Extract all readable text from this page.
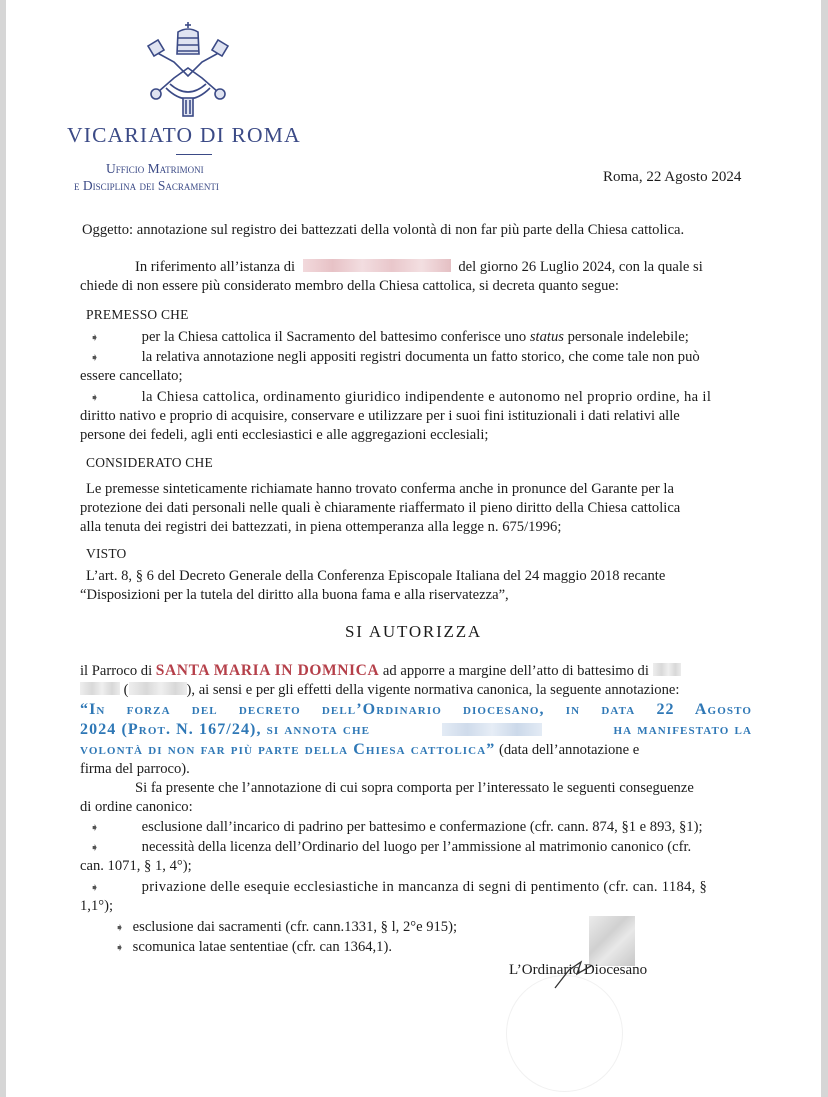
VICARIATO DI ROMA
Ufficio Matrimoni
e Disciplina dei Sacramenti
Roma, 22 Agosto 2024
Oggetto: annotazione sul registro dei battezzati della volontà di non far più parte della Chiesa cattolica.
In riferimento all’istanza di	del giorno 26 Luglio 2024, con la quale si
chiede di non essere più considerato membro della Chiesa cattolica, si decreta quanto segue:
PREMESSO CHE
➧	per la Chiesa cattolica il Sacramento del battesimo conferisce uno status personale indelebile;
➧	la relativa annotazione negli appositi registri documenta un fatto storico, che come tale non può
essere cancellato;
➧	la Chiesa cattolica, ordinamento giuridico indipendente e autonomo nel proprio ordine, ha il
diritto nativo e proprio di acquisire, conservare e utilizzare per i suoi fini istituzionali i dati relativi alle
persone dei fedeli, agli enti ecclesiastici e alle aggregazioni ecclesiali;
CONSIDERATO CHE
Le premesse sinteticamente richiamate hanno trovato conferma anche in pronunce del Garante per la
protezione dei dati personali nelle quali è chiaramente riaffermato il pieno diritto della Chiesa cattolica
alla tenuta dei registri dei battezzati, in piena ottemperanza alla legge n. 675/1996;
VISTO
L’art. 8, § 6 del Decreto Generale della Conferenza Episcopale Italiana del 24 maggio 2018 recante
“Disposizioni per la tutela del diritto alla buona fama e alla riservatezza”,
SI AUTORIZZA
il Parroco di SANTA MARIA IN DOMNICA ad apporre a margine dell’atto di battesimo di
(	), ai sensi e per gli effetti della vigente normativa canonica, la seguente annotazione:
“In forza del decreto dell’Ordinario diocesano, in data 22 Agosto
2024 (Prot. N. 167/24), si annota che	ha manifestato la
volontà di non far più parte della Chiesa cattolica” (data dell’annotazione e
firma del parroco).
Si fa presente che l’annotazione di cui sopra comporta per l’interessato le seguenti conseguenze
di ordine canonico:
➧	esclusione dall’incarico di padrino per battesimo e confermazione (cfr. cann. 874, §1 e 893, §1);
➧	necessità della licenza dell’Ordinario del luogo per l’ammissione al matrimonio canonico (cfr.
can. 1071, § 1, 4°);
➧	privazione delle esequie ecclesiastiche in mancanza di segni di pentimento (cfr. can. 1184, §
1,1°);
➧ esclusione dai sacramenti (cfr. cann.1331, § l, 2°e 915);
➧ scomunica latae sententiae (cfr. can 1364,1).
L’Ordinario Diocesano
